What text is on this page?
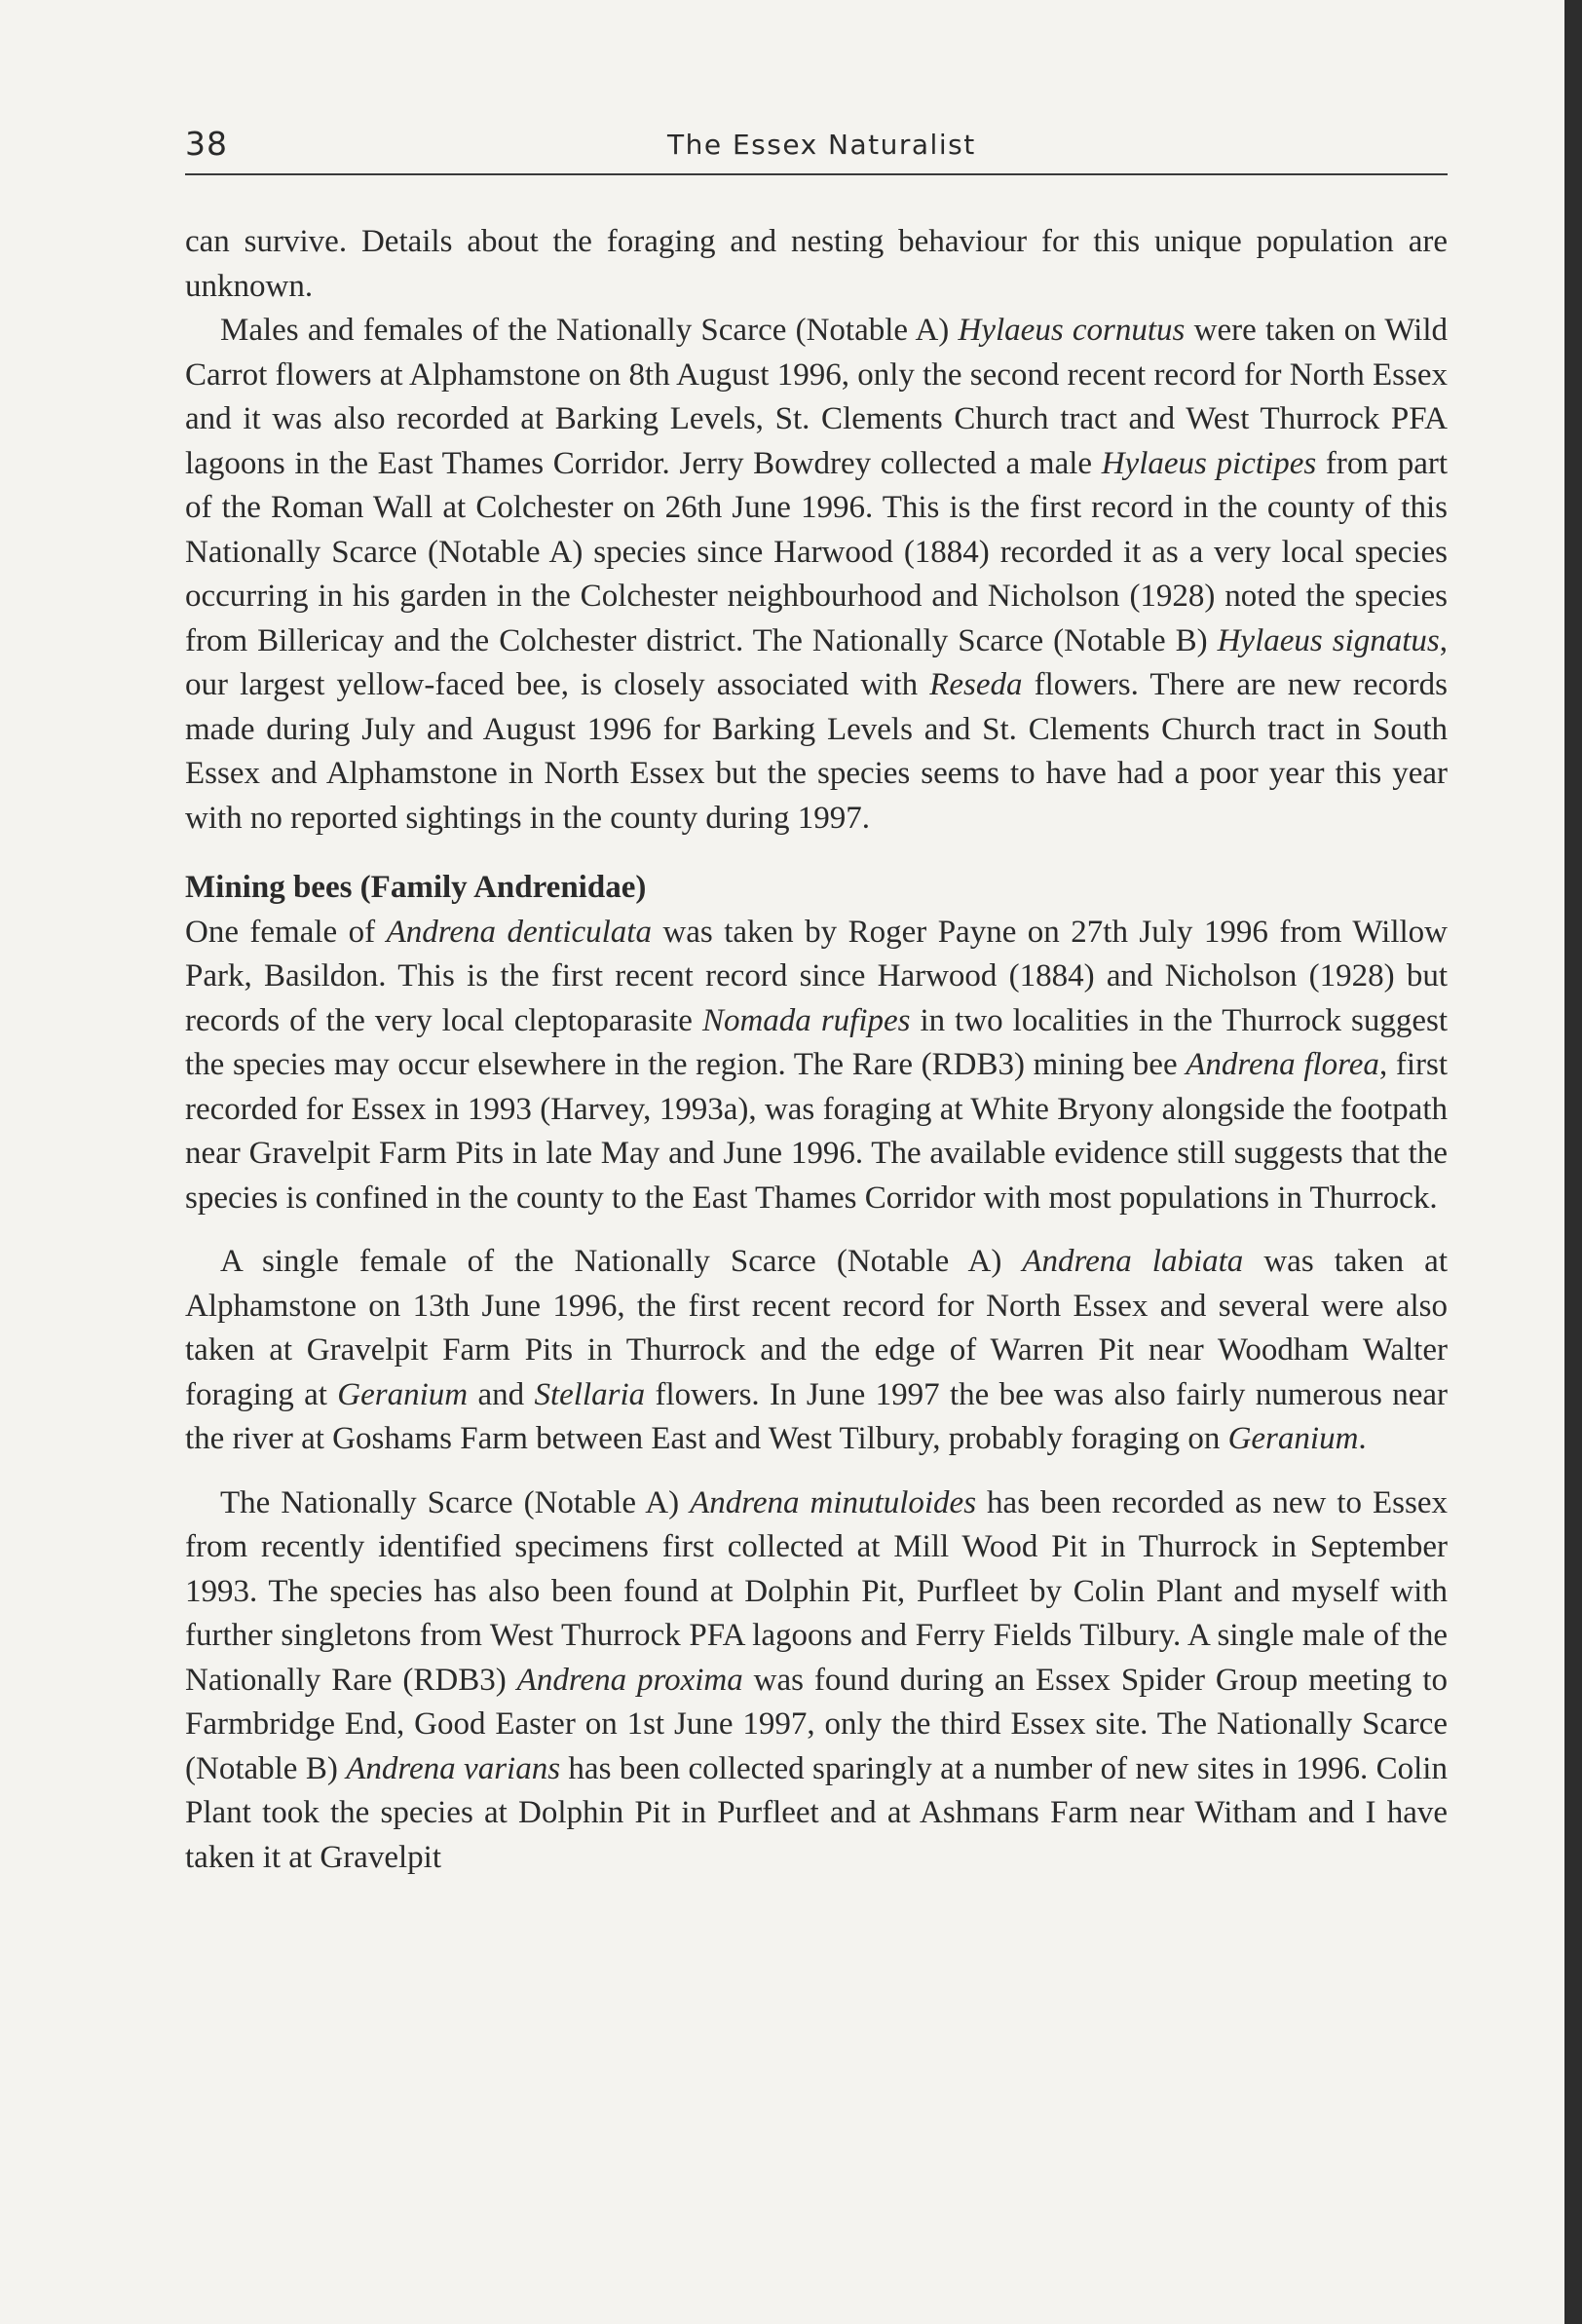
38	The Essex Naturalist

can survive. Details about the foraging and nesting behaviour for this unique population are unknown.

Males and females of the Nationally Scarce (Notable A) Hylaeus cornutus were taken on Wild Carrot flowers at Alphamstone on 8th August 1996, only the second recent record for North Essex and it was also recorded at Barking Levels, St. Clements Church tract and West Thurrock PFA lagoons in the East Thames Corridor. Jerry Bowdrey collected a male Hylaeus pictipes from part of the Roman Wall at Colchester on 26th June 1996. This is the first record in the county of this Nationally Scarce (Notable A) species since Harwood (1884) recorded it as a very local species occurring in his garden in the Colchester neighbourhood and Nicholson (1928) noted the species from Billericay and the Colchester district. The Nationally Scarce (Notable B) Hylaeus signatus, our largest yellow-faced bee, is closely associated with Reseda flowers. There are new records made during July and August 1996 for Barking Levels and St. Clements Church tract in South Essex and Alphamstone in North Essex but the species seems to have had a poor year this year with no reported sightings in the county during 1997.

Mining bees (Family Andrenidae)

One female of Andrena denticulata was taken by Roger Payne on 27th July 1996 from Willow Park, Basildon. This is the first recent record since Harwood (1884) and Nicholson (1928) but records of the very local cleptoparasite Nomada rufipes in two localities in the Thurrock suggest the species may occur elsewhere in the region. The Rare (RDB3) mining bee Andrena florea, first recorded for Essex in 1993 (Harvey, 1993a), was foraging at White Bryony alongside the footpath near Gravelpit Farm Pits in late May and June 1996. The available evidence still suggests that the species is confined in the county to the East Thames Corridor with most populations in Thurrock.

A single female of the Nationally Scarce (Notable A) Andrena labiata was taken at Alphamstone on 13th June 1996, the first recent record for North Essex and several were also taken at Gravelpit Farm Pits in Thurrock and the edge of Warren Pit near Woodham Walter foraging at Geranium and Stellaria flowers. In June 1997 the bee was also fairly numerous near the river at Goshams Farm between East and West Tilbury, probably foraging on Geranium.

The Nationally Scarce (Notable A) Andrena minutuloides has been recorded as new to Essex from recently identified specimens first collected at Mill Wood Pit in Thurrock in September 1993. The species has also been found at Dolphin Pit, Purfleet by Colin Plant and myself with further singletons from West Thurrock PFA lagoons and Ferry Fields Tilbury. A single male of the Nationally Rare (RDB3) Andrena proxima was found during an Essex Spider Group meeting to Farmbridge End, Good Easter on 1st June 1997, only the third Essex site. The Nationally Scarce (Notable B) Andrena varians has been collected sparingly at a number of new sites in 1996. Colin Plant took the species at Dolphin Pit in Purfleet and at Ashmans Farm near Witham and I have taken it at Gravelpit
